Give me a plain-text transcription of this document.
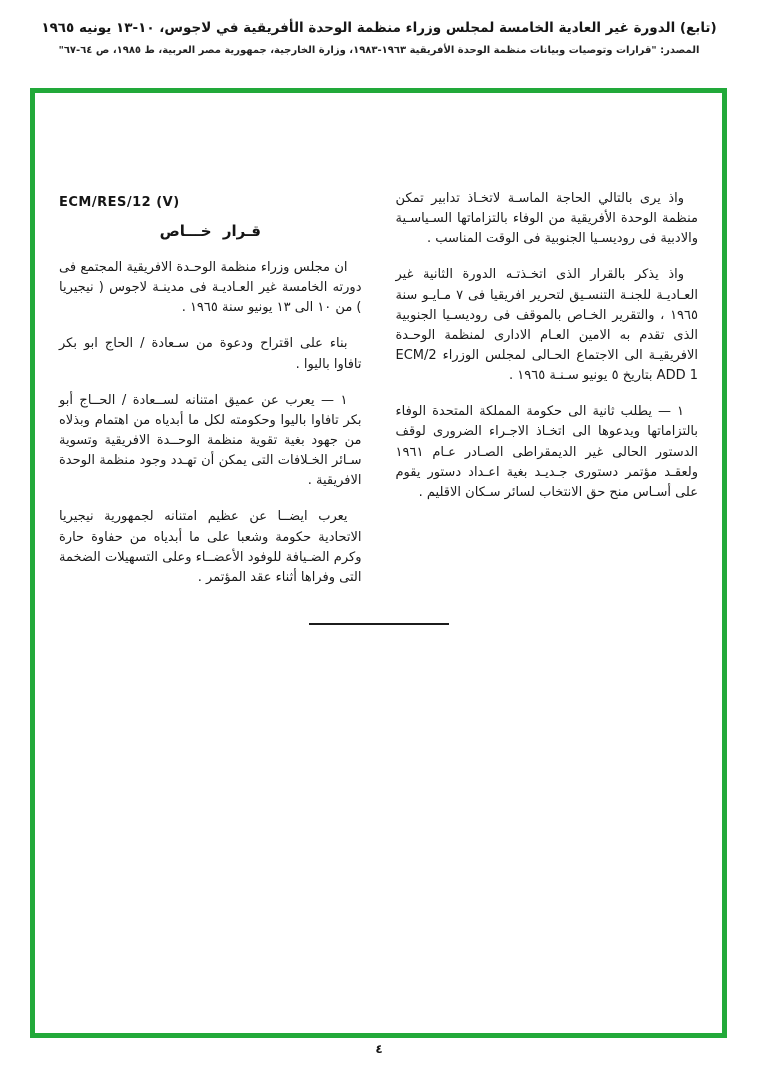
(تابع) الدورة غير العادية الخامسة لمجلس وزراء منظمة الوحدة الأفريقية في لاجوس، ١٠-١٣ يونيه ١٩٦٥
المصدر: "قرارات وتوصيات وبيانات منظمة الوحدة الأفريقية ١٩٦٣-١٩٨٣، وزارة الخارجية، جمهورية مصر العربية، ط ١٩٨٥، ص ٦٤-٦٧"

واذ يرى بالتالي الحاجة الماسـة لاتخـاذ تدابير تمكن منظمة الوحدة الأفريقية من الوفاء بالتزاماتها السـياسـية والادبية فى روديسـيا الجنوبية فى الوقت المناسب .

واذ يذكر بالقرار الذى اتخـذتـه الدورة الثانية غير العـاديـة للجنـة التنسـيق لتحرير افريقيا فى ٧ مـايـو سنة ١٩٦٥ ، والتقرير الخـاص بالموقف فى روديسـيا الجنوبية الذى تقدم به الامين العـام الادارى لمنظمة الوحـدة الافريقيـة الى الاجتماع الحـالى لمجلس الوزراء ECM/2 ADD 1 بتاريخ ٥ يونيو سـنـة ١٩٦٥ .

١ — يطلب ثانية الى حكومة المملكة المتحدة الوفاء بالتزاماتها ويدعوها الى اتخـاذ الاجـراء الضرورى لوقف الدستور الحالى غير الديمقراطى الصـادر عـام ١٩٦١ ولعقـد مؤتمر دستورى جـديـد بغية اعـداد دستور يقوم على أسـاس منح حق الانتخاب لسائر سـكان الاقليم .

ECM/RES/12 (V)
قـرار خـــاص

ان مجلس وزراء منظمة الوحـدة الافريقية المجتمع فى دورته الخامسة غير العـاديـة فى مدينـة لاجوس ( نيجيريا ) من ١٠ الى ١٣ يونيو سنة ١٩٦٥ .

بناء على اقتراح ودعوة من سـعادة / الحاج ابو بكر تافاوا باليوا .

١ — يعرب عن عميق امتنانه لســعادة / الحــاج أبو بكر تافاوا باليوا وحكومته لكل ما أبدياه من اهتمام وبذلاه من جهود بغية تقوية منظمة الوحــدة الافريقية وتسوية سـائر الخـلافات التى يمكن أن تهـدد وجود منظمة الوحدة الافريقية .

يعرب ايضــا عن عظيم امتنانه لجمهورية نيجيريا الاتحادية حكومة وشعبا على ما أبدياه من حفاوة حارة وكرم الضـيافة للوفود الأعضــاء وعلى التسهيلات الضخمة التى وفراها أثناء عقد المؤتمر .

٤
